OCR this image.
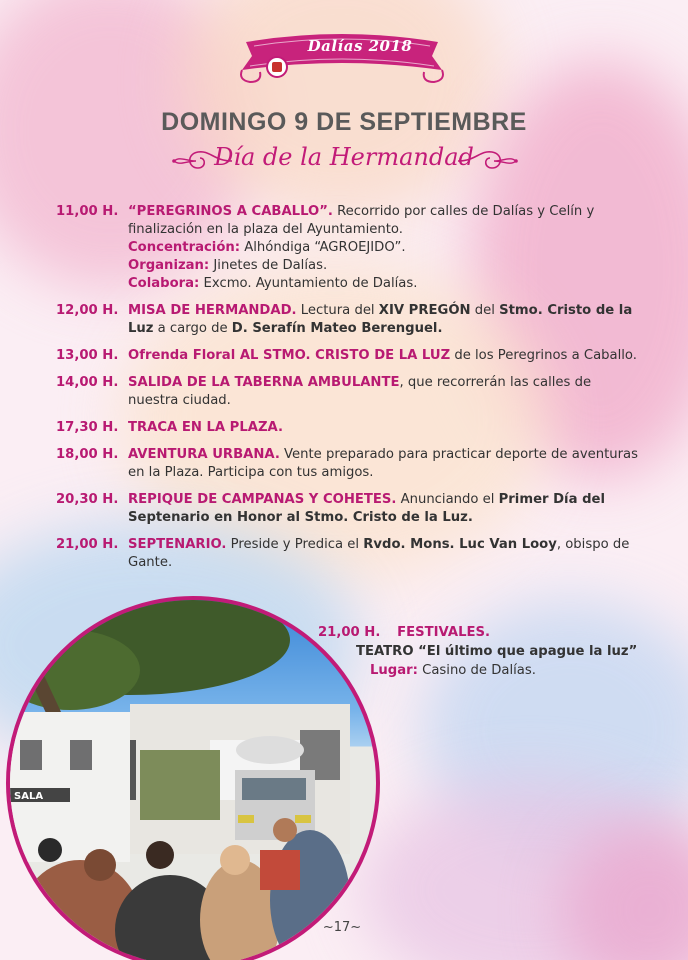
Dalías 2018
DOMINGO 9 DE SEPTIEMBRE
Día de la Hermandad
11,00 H. “PEREGRINOS A CABALLO”. Recorrido por calles de Dalías y Celín y finalización en la plaza del Ayuntamiento.
Concentración: Alhóndiga “AGROEJIDO”.
Organizan: Jinetes de Dalías.
Colabora: Excmo. Ayuntamiento de Dalías.
12,00 H. MISA DE HERMANDAD. Lectura del XIV PREGÓN del Stmo. Cristo de la Luz a cargo de D. Serafín Mateo Berenguel.
13,00 H. Ofrenda Floral AL STMO. CRISTO DE LA LUZ de los Peregrinos a Caballo.
14,00 H. SALIDA DE LA TABERNA AMBULANTE, que recorrerán las calles de nuestra ciudad.
17,30 H. TRACA EN LA PLAZA.
18,00 H. AVENTURA URBANA. Vente preparado para practicar deporte de aventuras en la Plaza. Participa con tus amigos.
20,30 H. REPIQUE DE CAMPANAS Y COHETES. Anunciando el Primer Día del Septenario en Honor al Stmo. Cristo de la Luz.
21,00 H. SEPTENARIO. Preside y Predica el Rvdo. Mons. Luc Van Looy, obispo de Gante.
21,00 H. FESTIVALES.
TEATRO “El último que apague la luz”
Lugar: Casino de Dalías.
SALA
~17~
